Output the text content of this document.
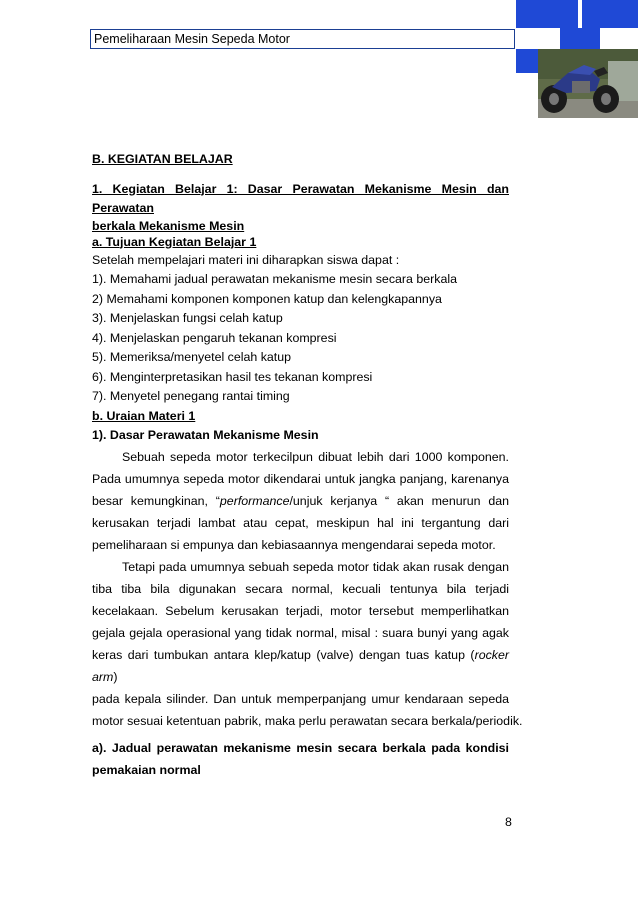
Pemeliharaan Mesin Sepeda Motor
B. KEGIATAN BELAJAR
1. Kegiatan Belajar 1: Dasar Perawatan Mekanisme Mesin dan Perawatan
berkala Mekanisme Mesin
a. Tujuan Kegiatan Belajar 1
Setelah mempelajari materi ini diharapkan siswa dapat :
1). Memahami jadual perawatan mekanisme mesin secara berkala
2) Memahami komponen komponen katup dan kelengkapannya
3). Menjelaskan fungsi celah katup
4). Menjelaskan pengaruh tekanan kompresi
5). Memeriksa/menyetel celah katup
6). Menginterpretasikan hasil tes tekanan kompresi
7). Menyetel penegang rantai timing
b. Uraian Materi 1
1). Dasar Perawatan Mekanisme Mesin
Sebuah sepeda motor terkecilpun dibuat lebih dari 1000 komponen.
Pada umumnya sepeda motor dikendarai untuk jangka panjang, karenanya
besar kemungkinan, “performance/unjuk kerjanya “ akan menurun dan
kerusakan terjadi lambat atau cepat, meskipun hal ini tergantung dari
pemeliharaan si empunya dan kebiasaannya mengendarai sepeda motor.
Tetapi pada umumnya sebuah sepeda motor tidak akan rusak dengan
tiba tiba bila digunakan secara normal, kecuali tentunya bila terjadi
kecelakaan. Sebelum kerusakan terjadi, motor tersebut memperlihatkan
gejala gejala operasional yang tidak normal, misal : suara bunyi yang agak
keras dari tumbukan antara klep/katup (valve) dengan tuas katup (rocker arm)
pada kepala silinder. Dan untuk memperpanjang umur kendaraan sepeda
motor sesuai ketentuan pabrik, maka perlu perawatan secara berkala/periodik.
a). Jadual perawatan mekanisme mesin secara berkala pada kondisi
pemakaian normal
8
